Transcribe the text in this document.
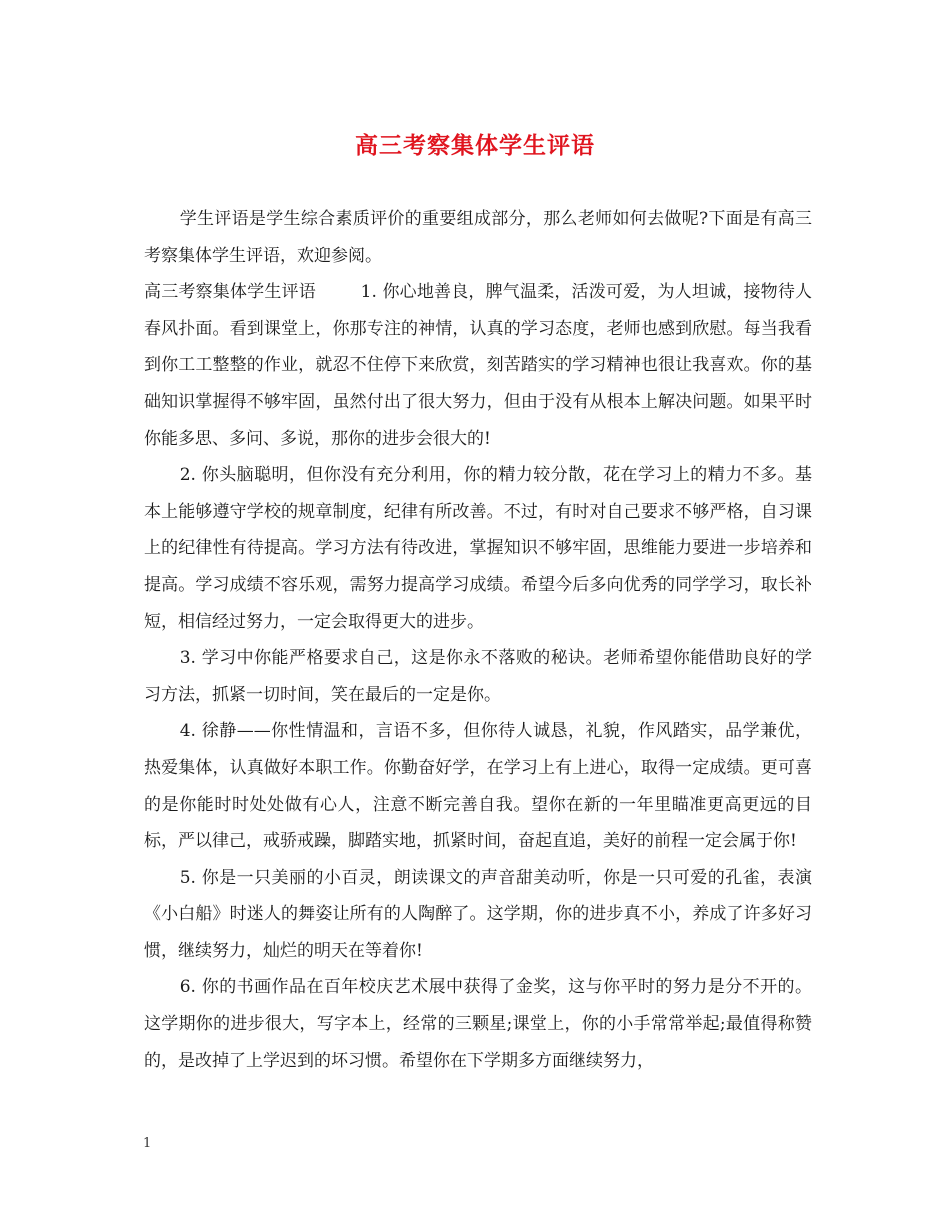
高三考察集体学生评语

学生评语是学生综合素质评价的重要组成部分，那么老师如何去做呢?下面是有高三考察集体学生评语，欢迎参阅。

高三考察集体学生评语	1. 你心地善良，脾气温柔，活泼可爱，为人坦诚，接物待人春风扑面。看到课堂上，你那专注的神情，认真的学习态度，老师也感到欣慰。每当我看到你工工整整的作业，就忍不住停下来欣赏，刻苦踏实的学习精神也很让我喜欢。你的基础知识掌握得不够牢固，虽然付出了很大努力，但由于没有从根本上解决问题。如果平时你能多思、多问、多说，那你的进步会很大的!

2. 你头脑聪明，但你没有充分利用，你的精力较分散，花在学习上的精力不多。基本上能够遵守学校的规章制度，纪律有所改善。不过，有时对自己要求不够严格，自习课上的纪律性有待提高。学习方法有待改进，掌握知识不够牢固，思维能力要进一步培养和提高。学习成绩不容乐观，需努力提高学习成绩。希望今后多向优秀的同学学习，取长补短，相信经过努力，一定会取得更大的进步。

3. 学习中你能严格要求自己，这是你永不落败的秘诀。老师希望你能借助良好的学习方法，抓紧一切时间，笑在最后的一定是你。

4. 徐静——你性情温和，言语不多，但你待人诚恳，礼貌，作风踏实，品学兼优，热爱集体，认真做好本职工作。你勤奋好学，在学习上有上进心，取得一定成绩。更可喜的是你能时时处处做有心人，注意不断完善自我。望你在新的一年里瞄准更高更远的目标，严以律己，戒骄戒躁，脚踏实地，抓紧时间，奋起直追，美好的前程一定会属于你!

5. 你是一只美丽的小百灵，朗读课文的声音甜美动听，你是一只可爱的孔雀，表演《小白船》时迷人的舞姿让所有的人陶醉了。这学期，你的进步真不小，养成了许多好习惯，继续努力，灿烂的明天在等着你!

6. 你的书画作品在百年校庆艺术展中获得了金奖，这与你平时的努力是分不开的。这学期你的进步很大，写字本上，经常的三颗星;课堂上，你的小手常常举起;最值得称赞的，是改掉了上学迟到的坏习惯。希望你在下学期多方面继续努力，

1
